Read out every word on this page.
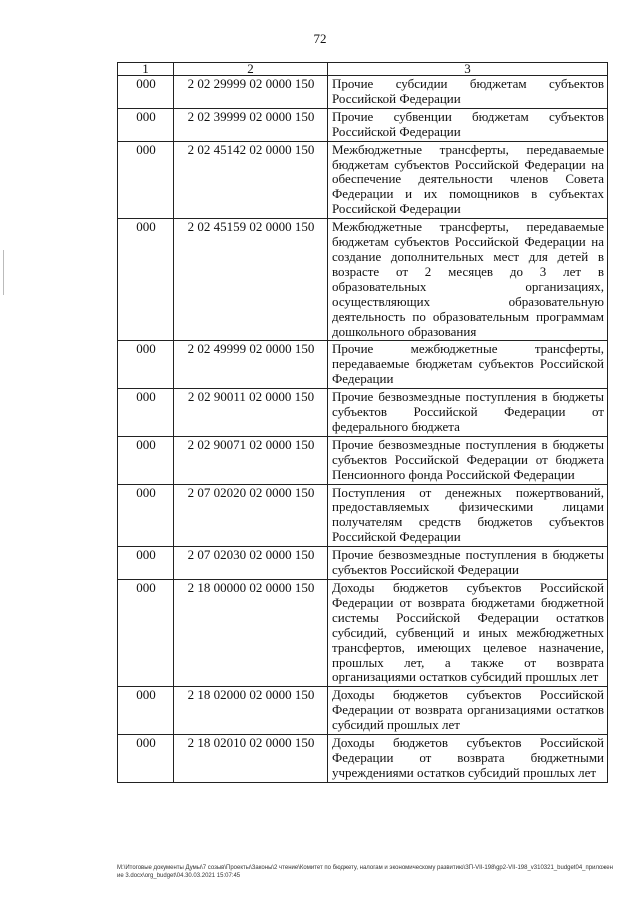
72
1	2	3
000	2 02 29999 02 0000 150	Прочие субсидии бюджетам субъектов Российской Федерации
000	2 02 39999 02 0000 150	Прочие субвенции бюджетам субъектов Российской Федерации
000	2 02 45142 02 0000 150	Межбюджетные трансферты, передаваемые бюджетам субъектов Российской Федерации на обеспечение деятельности членов Совета Федерации и их помощников в субъектах Российской Федерации
000	2 02 45159 02 0000 150	Межбюджетные трансферты, передаваемые бюджетам субъектов Российской Федерации на создание дополнительных мест для детей в возрасте от 2 месяцев до 3 лет в образовательных организациях, осуществляющих образовательную деятельность по образовательным программам дошкольного образования
000	2 02 49999 02 0000 150	Прочие межбюджетные трансферты, передаваемые бюджетам субъектов Российской Федерации
000	2 02 90011 02 0000 150	Прочие безвозмездные поступления в бюджеты субъектов Российской Федерации от федерального бюджета
000	2 02 90071 02 0000 150	Прочие безвозмездные поступления в бюджеты субъектов Российской Федерации от бюджета Пенсионного фонда Российской Федерации
000	2 07 02020 02 0000 150	Поступления от денежных пожертвований, предоставляемых физическими лицами получателям средств бюджетов субъектов Российской Федерации
000	2 07 02030 02 0000 150	Прочие безвозмездные поступления в бюджеты субъектов Российской Федерации
000	2 18 00000 02 0000 150	Доходы бюджетов субъектов Российской Федерации от возврата бюджетами бюджетной системы Российской Федерации остатков субсидий, субвенций и иных межбюджетных трансфертов, имеющих целевое назначение, прошлых лет, а также от возврата организациями остатков субсидий прошлых лет
000	2 18 02000 02 0000 150	Доходы бюджетов субъектов Российской Федерации от возврата организациями остатков субсидий прошлых лет
000	2 18 02010 02 0000 150	Доходы бюджетов субъектов Российской Федерации от возврата бюджетными учреждениями остатков субсидий прошлых лет
M:\Итоговые документы Думы\7 созыв\Проекты\Законы\2 чтение\Комитет по бюджету, налогам и экономическому развитию\ЗП-VII-198\gp2-VII-198_v310321_budget04_приложение 3.docx\org_budget\04.30.03.2021 15:07:45
